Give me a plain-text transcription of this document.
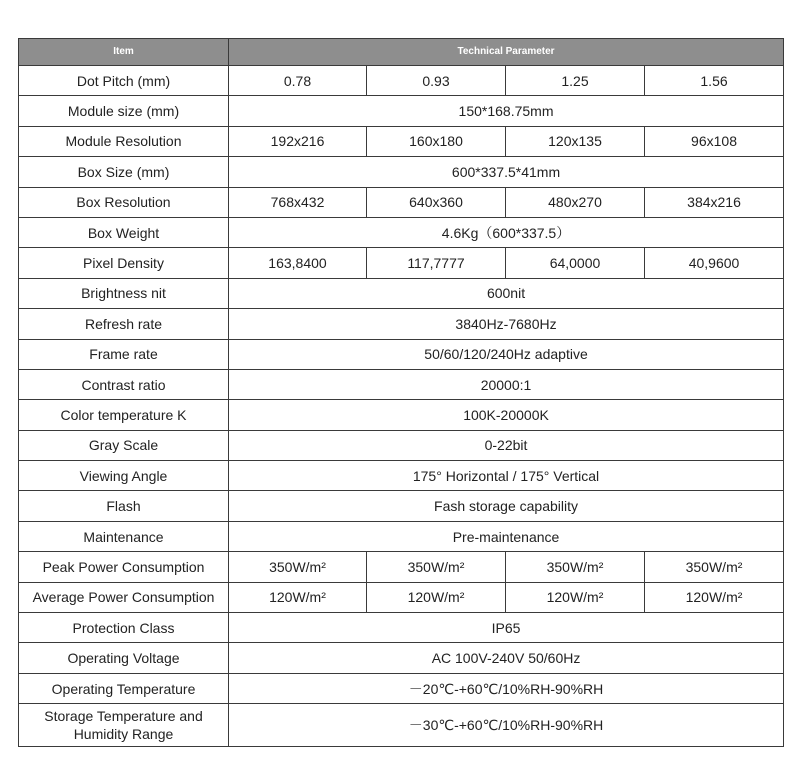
Item	Technical Parameter			
Dot Pitch (mm)	0.78	0.93	1.25	1.56
Module size (mm)	150*168.75mm			
Module Resolution	192x216	160x180	120x135	96x108
Box Size (mm)	600*337.5*41mm			
Box Resolution	768x432	640x360	480x270	384x216
Box Weight	4.6Kg（600*337.5）			
Pixel Density	163,8400	117,7777	64,0000	40,9600
Brightness nit	600nit			
Refresh rate	3840Hz-7680Hz			
Frame rate	50/60/120/240Hz adaptive			
Contrast ratio	20000:1			
Color temperature K	100K-20000K			
Gray Scale	0-22bit			
Viewing Angle	175° Horizontal / 175° Vertical			
Flash	Fash storage capability			
Maintenance	Pre-maintenance			
Peak Power Consumption	350W/m²	350W/m²	350W/m²	350W/m²
Average Power Consumption	120W/m²	120W/m²	120W/m²	120W/m²
Protection Class	IP65			
Operating Voltage	AC 100V-240V 50/60Hz			
Operating Temperature	－20℃-+60℃/10%RH-90%RH			
Storage Temperature and Humidity Range	－30℃-+60℃/10%RH-90%RH			
